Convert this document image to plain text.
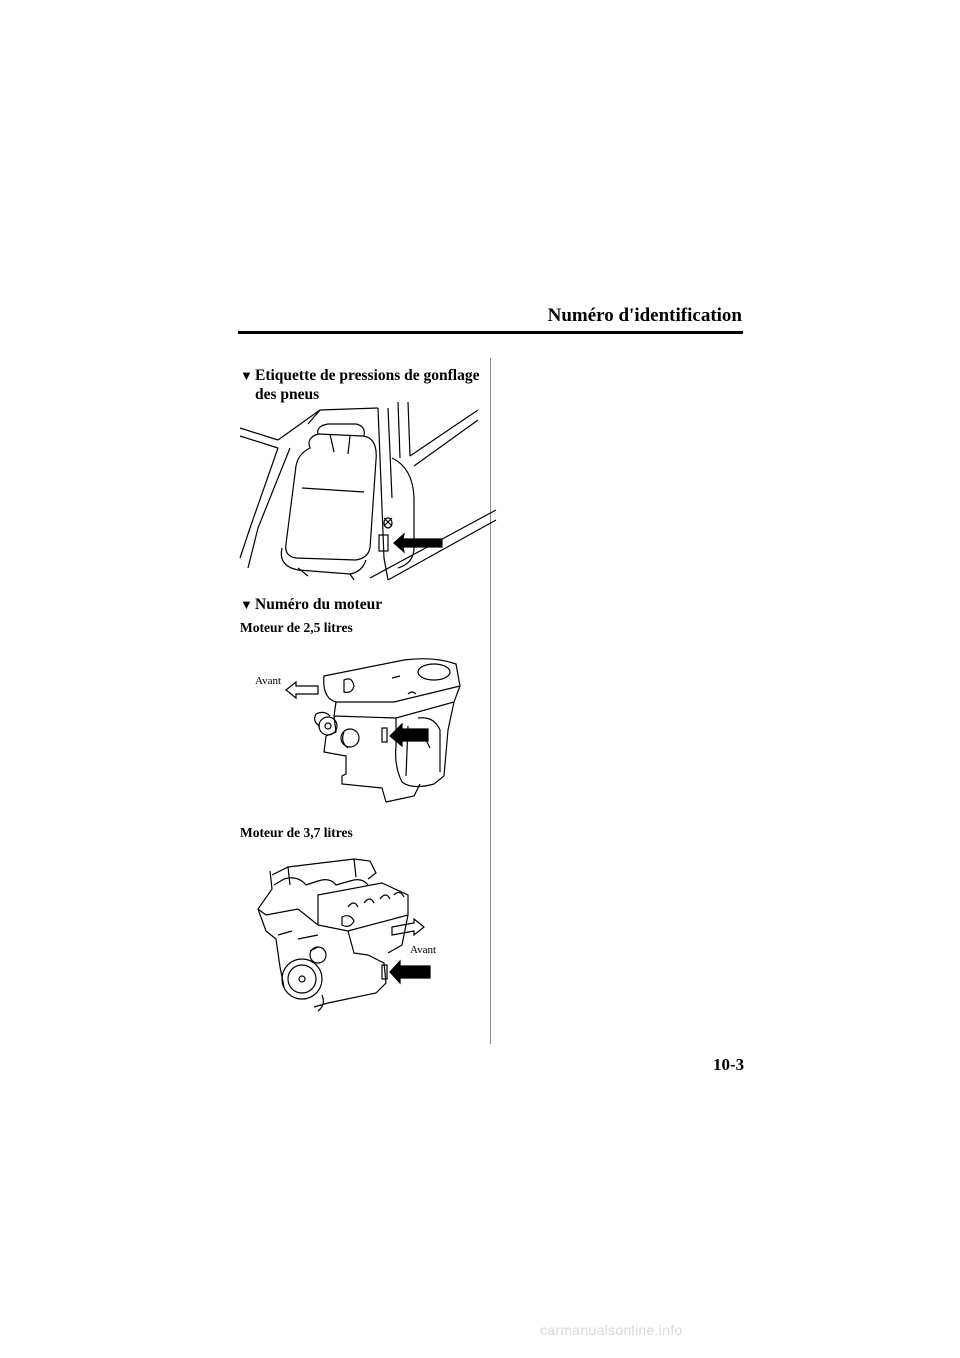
Numéro d'identification
▼ Etiquette de pressions de gonflage
des pneus
▼ Numéro du moteur
Moteur de 2,5 litres
Avant
Moteur de 3,7 litres
Avant
10-3
carmanualsonline.info
